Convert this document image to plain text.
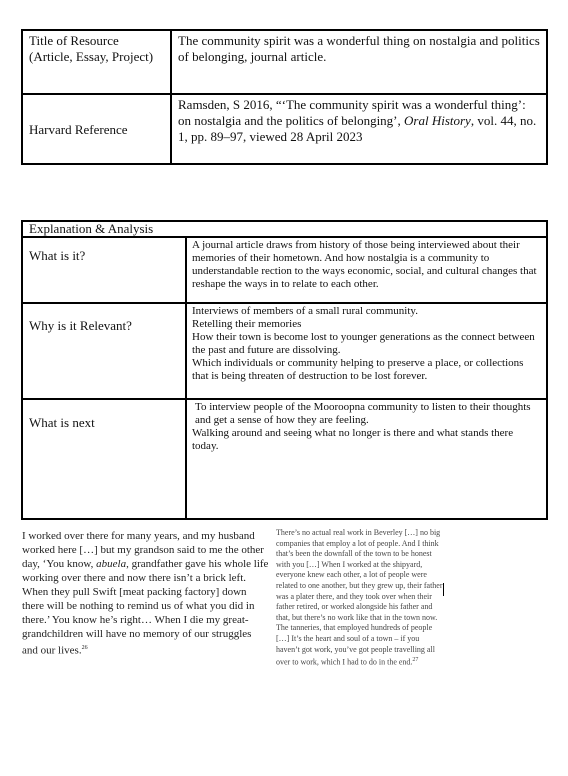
Title of Resource (Article, Essay, Project)	The community spirit was a wonderful thing on nostalgia and politics of belonging, journal article.
Harvard Reference	Ramsden, S 2016, “‘The community spirit was a wonderful thing’: on nostalgia and the politics of belonging’, Oral History, vol. 44, no. 1, pp. 89–97, viewed 28 April 2023
Explanation & Analysis	
What is it?	A journal article draws from history of those being interviewed about their memories of their hometown. And how nostalgia is a community to understandable rection to the ways economic, social, and cultural changes that reshape the ways in to relate to each other.
Why is it Relevant?	Interviews of members of a small rural community.
Retelling their memories
How their town is become lost to younger generations as the connect between the past and future are dissolving.
Which individuals or community helping to preserve a place, or collections that is being threaten of destruction to be lost forever.

What is next	To interview people of the Mooroopna community to listen to their thoughts and get a sense of how they are feeling.
Walking around and seeing what no longer is there and what stands there today.
I worked over there for many years, and my husband worked here […] but my grandson said to me the other day, ‘You know, abuela, grandfather gave his whole life working over there and now there isn’t a brick left. When they pull Swift [meat packing factory] down there will be nothing to remind us of what you did in there.’ You know he’s right… When I die my great-grandchildren will have no memory of our struggles and our lives.$^{26}$
There’s no actual real work in Beverley […] no big companies that employ a lot of people. And I think that’s been the downfall of the town to be honest with you […] When I worked at the shipyard, everyone knew each other, a lot of people were related to one another, but they grew up, their father was a plater there, and they took over when their father retired, or worked alongside his father and that, but there’s no work like that in the town now. The tanneries, that employed hundreds of people […] It’s the heart and soul of a town – if you haven’t got work, you’ve got people travelling all over to work, which I had to do in the end.$^{27}$
